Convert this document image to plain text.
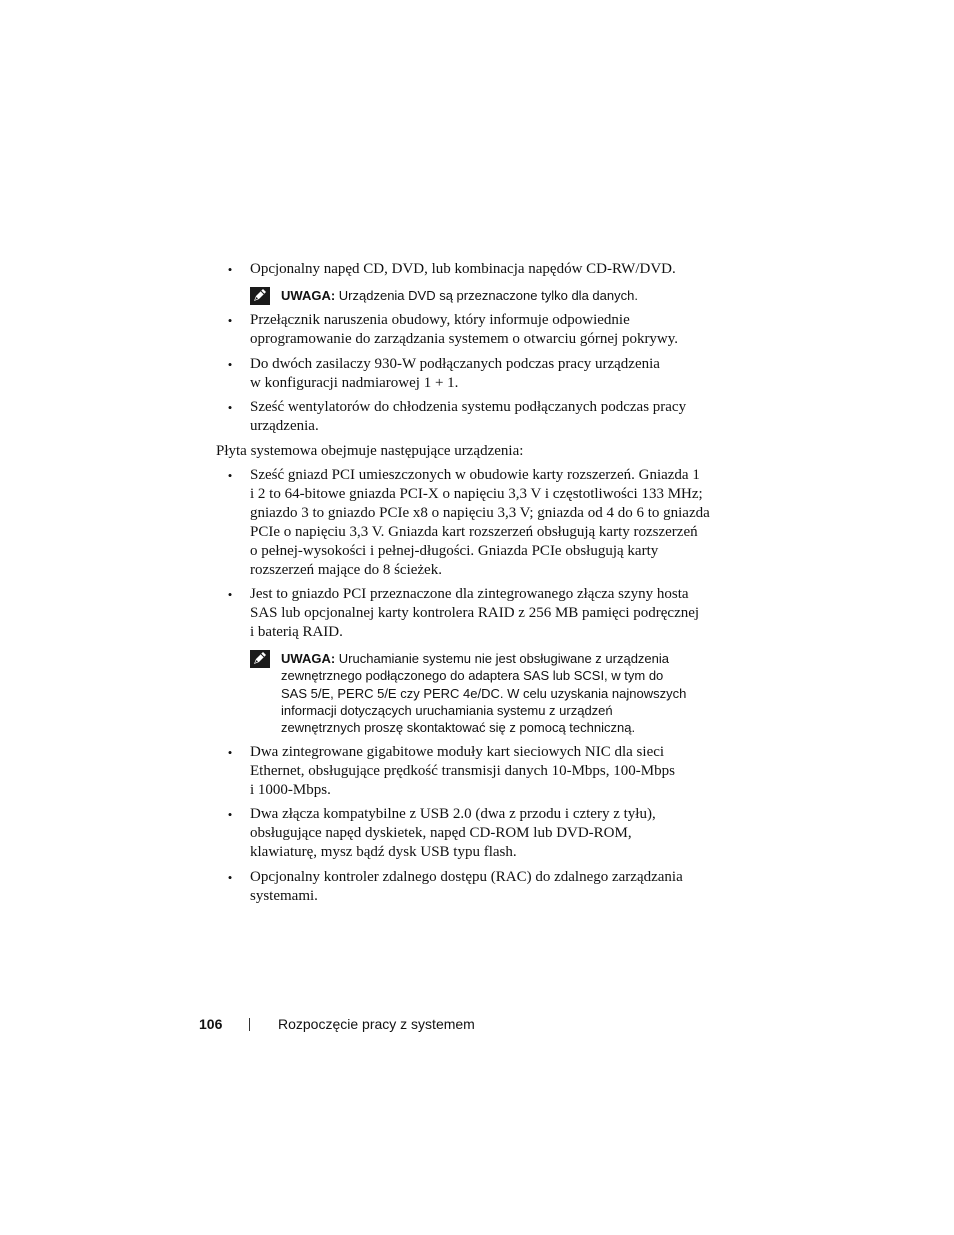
• Opcjonalny napęd CD, DVD, lub kombinacja napędów CD-RW/DVD.
UWAGA: Urządzenia DVD są przeznaczone tylko dla danych.
• Przełącznik naruszenia obudowy, który informuje odpowiednie
oprogramowanie do zarządzania systemem o otwarciu górnej pokrywy.
• Do dwóch zasilaczy 930-W podłączanych podczas pracy urządzenia
w konfiguracji nadmiarowej 1 + 1.
• Sześć wentylatorów do chłodzenia systemu podłączanych podczas pracy
urządzenia.
Płyta systemowa obejmuje następujące urządzenia:
• Sześć gniazd PCI umieszczonych w obudowie karty rozszerzeń. Gniazda 1
i 2 to 64-bitowe gniazda PCI-X o napięciu 3,3 V i częstotliwości 133 MHz;
gniazdo 3 to gniazdo PCIe x8 o napięciu 3,3 V; gniazda od 4 do 6 to gniazda
PCIe o napięciu 3,3 V. Gniazda kart rozszerzeń obsługują karty rozszerzeń
o pełnej-wysokości i pełnej-długości. Gniazda PCIe obsługują karty
rozszerzeń mające do 8 ścieżek.
• Jest to gniazdo PCI przeznaczone dla zintegrowanego złącza szyny hosta
SAS lub opcjonalnej karty kontrolera RAID z 256 MB pamięci podręcznej
i baterią RAID.
UWAGA: Uruchamianie systemu nie jest obsługiwane z urządzenia
zewnętrznego podłączonego do adaptera SAS lub SCSI, w tym do
SAS 5/E, PERC 5/E czy PERC 4e/DC. W celu uzyskania najnowszych
informacji dotyczących uruchamiania systemu z urządzeń
zewnętrznych proszę skontaktować się z pomocą techniczną.
• Dwa zintegrowane gigabitowe moduły kart sieciowych NIC dla sieci
Ethernet, obsługujące prędkość transmisji danych 10-Mbps, 100-Mbps
i 1000-Mbps.
• Dwa złącza kompatybilne z USB 2.0 (dwa z przodu i cztery z tyłu),
obsługujące napęd dyskietek, napęd CD-ROM lub DVD-ROM,
klawiaturę, mysz bądź dysk USB typu flash.
• Opcjonalny kontroler zdalnego dostępu (RAC) do zdalnego zarządzania
systemami.
106	Rozpoczęcie pracy z systemem
